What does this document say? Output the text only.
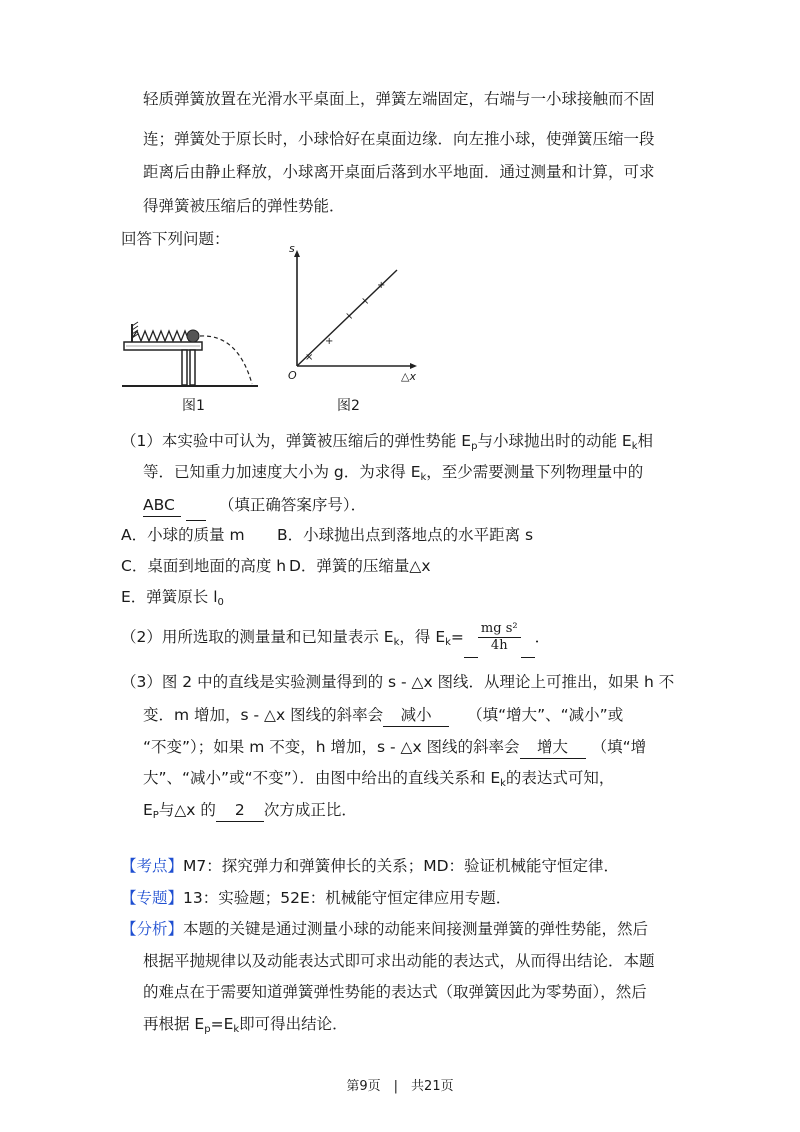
轻质弹簧放置在光滑水平桌面上，弹簧左端固定，右端与一小球接触而不固
连；弹簧处于原长时，小球恰好在桌面边缘．向左推小球，使弹簧压缩一段
距离后由静止释放，小球离开桌面后落到水平地面．通过测量和计算，可求
得弹簧被压缩后的弹性势能．
回答下列问题：
图1
+
×
×
+
×
s
△x
O
图2
（1）本实验中可认为，弹簧被压缩后的弹性势能 $E_p$与小球抛出时的动能 $E_k$相
等．已知重力加速度大小为 g．为求得 $E_k$，至少需要测量下列物理量中的
ABC	（填正确答案序号）．
A．小球的质量 m B．小球抛出点到落地点的水平距离 s
C．桌面到地面的高度 h D．弹簧的压缩量△x
E．弹簧原长 $l_0$
（2）用所选取的测量量和已知量表示 $E_k$，得 $E_k= \frac{\text{mg s²}}{4h}$ ．
（3）图 2 中的直线是实验测量得到的 s - △x 图线．从理论上可推出，如果 h 不
变．m 增加，s - △x 图线的斜率会 减小 （填“增大”、“减小”或
“不变”）；如果 m 不变，h 增加，s - △x 图线的斜率会 增大 （填“增
大”、“减小”或“不变”）．由图中给出的直线关系和 $E_k$的表达式可知，
$E_P$与△x 的 2 次方成正比．
【考点】M7：探究弹力和弹簧伸长的关系；MD：验证机械能守恒定律．
【专题】13：实验题；52E：机械能守恒定律应用专题．
【分析】本题的关键是通过测量小球的动能来间接测量弹簧的弹性势能，然后
根据平抛规律以及动能表达式即可求出动能的表达式，从而得出结论．本题
的难点在于需要知道弹簧弹性势能的表达式（取弹簧因此为零势面），然后
再根据 $E_p=E_k$即可得出结论．
第9页　|　共21页
